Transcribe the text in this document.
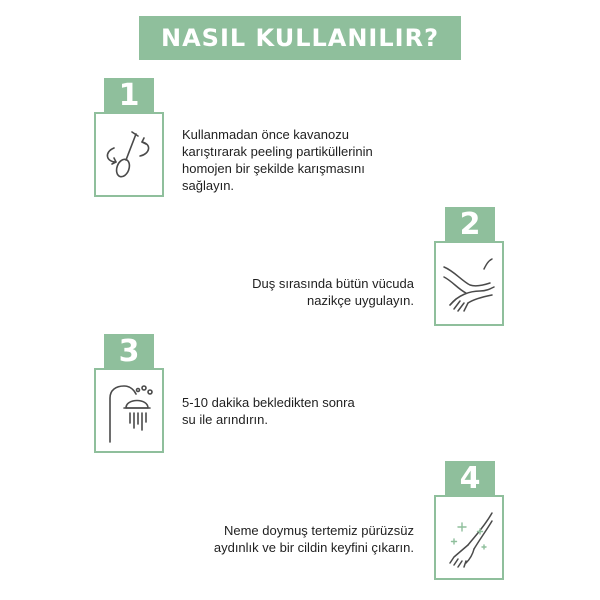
NASIL KULLANILIR?
1
Kullanmadan önce kavanozu
karıştırarak peeling partiküllerinin
homojen bir şekilde karışmasını
sağlayın.
2
Duş sırasında bütün vücuda
nazikçe uygulayın.
3
5-10 dakika bekledikten sonra
su ile arındırın.
4
Neme doymuş tertemiz pürüzsüz
aydınlık ve bir cildin keyfini çıkarın.
